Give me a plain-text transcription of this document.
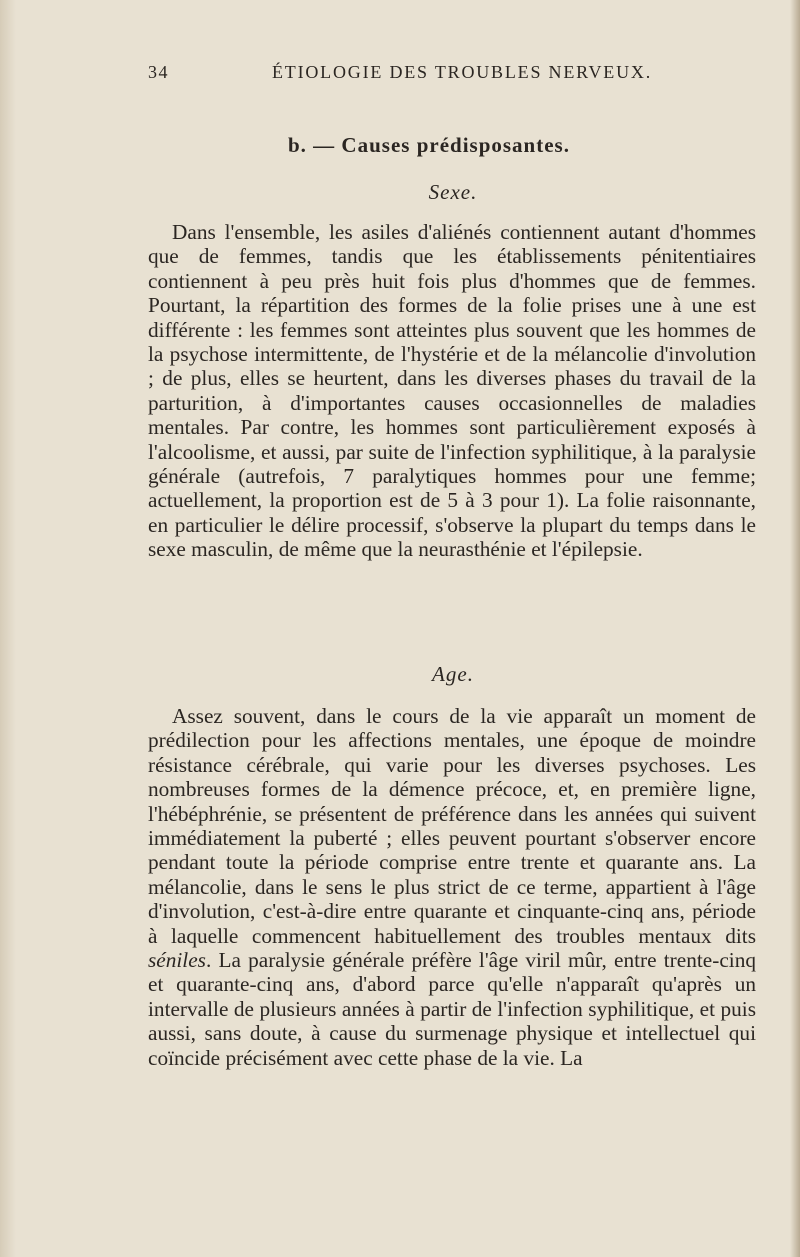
34	ÉTIOLOGIE DES TROUBLES NERVEUX.
b. — Causes prédisposantes.
Sexe.

Dans l'ensemble, les asiles d'aliénés contiennent autant d'hommes que de femmes, tandis que les établissements pénitentiaires contiennent à peu près huit fois plus d'hommes que de femmes. Pourtant, la répartition des formes de la folie prises une à une est différente : les femmes sont atteintes plus souvent que les hommes de la psychose intermittente, de l'hystérie et de la mélancolie d'involution ; de plus, elles se heurtent, dans les diverses phases du travail de la parturition, à d'importantes causes occasionnelles de maladies mentales. Par contre, les hommes sont particulièrement exposés à l'alcoolisme, et aussi, par suite de l'infection syphilitique, à la paralysie générale (autrefois, 7 paralytiques hommes pour une femme; actuellement, la proportion est de 5 à 3 pour 1). La folie raisonnante, en particulier le délire processif, s'observe la plupart du temps dans le sexe masculin, de même que la neurasthénie et l'épilepsie.

Age.

Assez souvent, dans le cours de la vie apparaît un moment de prédilection pour les affections mentales, une époque de moindre résistance cérébrale, qui varie pour les diverses psychoses. Les nombreuses formes de la démence précoce, et, en première ligne, l'hébéphrénie, se présentent de préférence dans les années qui suivent immédiatement la puberté ; elles peuvent pourtant s'observer encore pendant toute la période comprise entre trente et quarante ans. La mélancolie, dans le sens le plus strict de ce terme, appartient à l'âge d'involution, c'est-à-dire entre quarante et cinquante-cinq ans, période à laquelle commencent habituellement des troubles mentaux dits séniles. La paralysie générale préfère l'âge viril mûr, entre trente-cinq et quarante-cinq ans, d'abord parce qu'elle n'apparaît qu'après un intervalle de plusieurs années à partir de l'infection syphilitique, et puis aussi, sans doute, à cause du surmenage physique et intellectuel qui coïncide précisément avec cette phase de la vie. La
